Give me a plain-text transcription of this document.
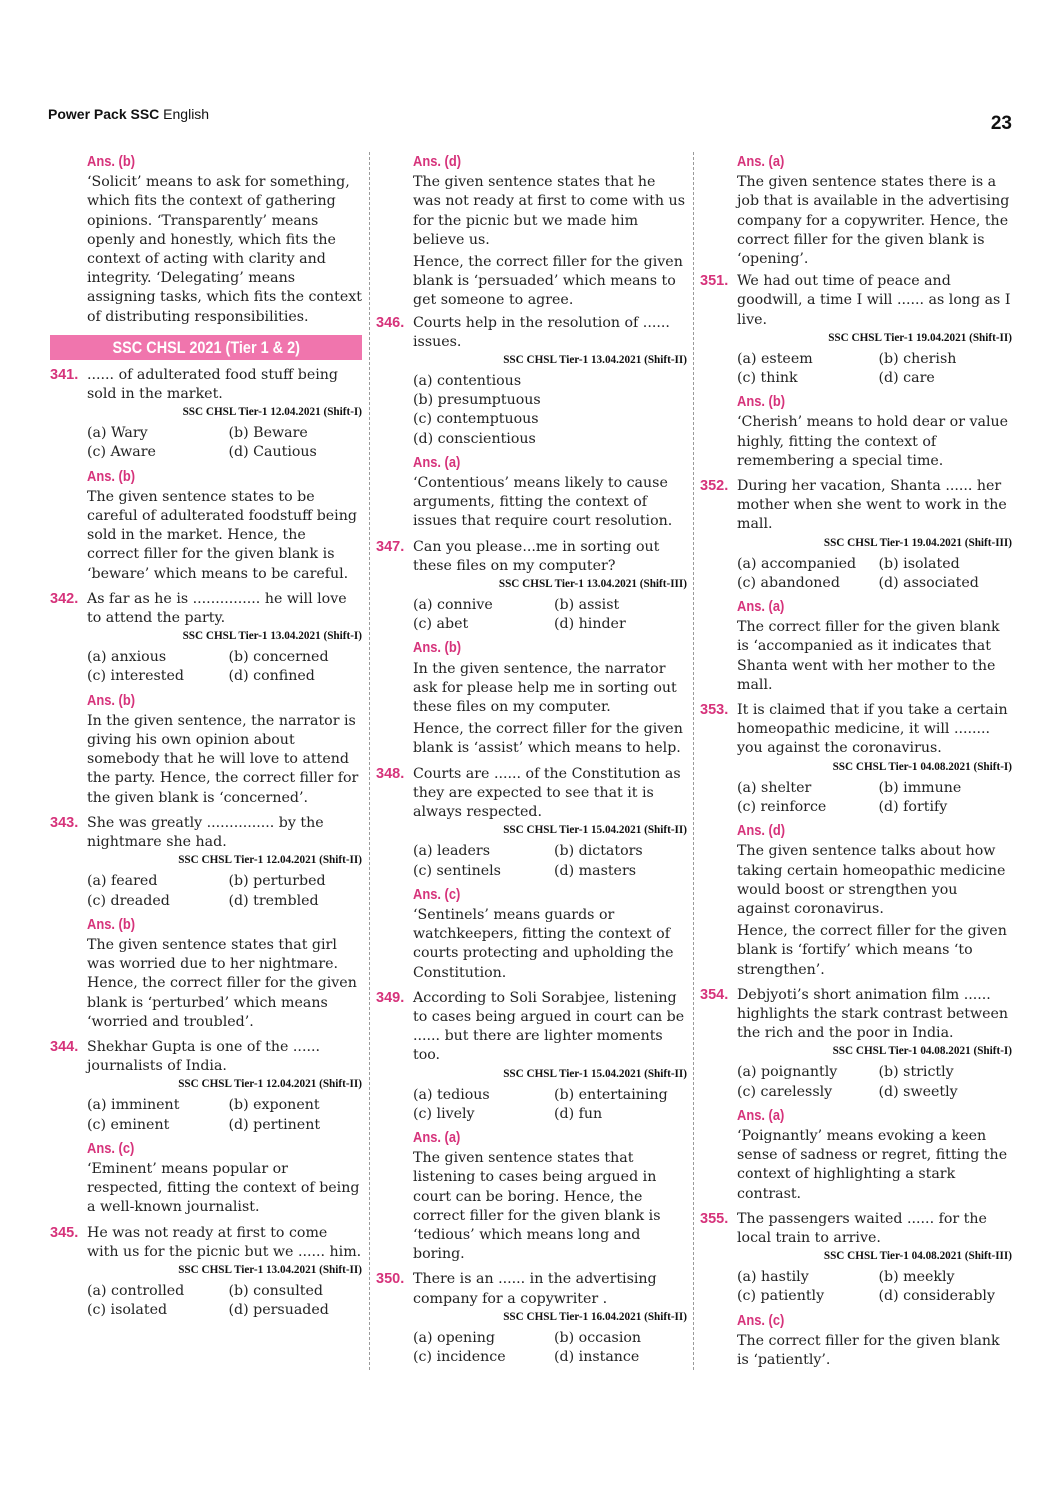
Power Pack SSC English	23
Ans. (b)

‘Solicit’ means to ask for something, which fits the context of gathering opinions. ‘Transparently’ means openly and honestly, which fits the context of acting with clarity and integrity. ‘Delegating’ means assigning tasks, which fits the context of distributing responsibilities.

SSC CHSL 2021 (Tier 1 & 2)
341. ...... of adulterated food stuff being sold in the market.
SSC CHSL Tier-1 12.04.2021 (Shift-I)
(a) Wary	(b) Beware
(c) Aware	(d) Cautious
Ans. (b)

The given sentence states to be careful of adulterated foodstuff being sold in the market. Hence, the correct filler for the given blank is ‘beware’ which means to be careful.

342. As far as he is ............... he will love to attend the party.
SSC CHSL Tier-1 13.04.2021 (Shift-I)
(a) anxious	(b) concerned
(c) interested	(d) confined
Ans. (b)

In the given sentence, the narrator is giving his own opinion about somebody that he will love to attend the party. Hence, the correct filler for the given blank is ‘concerned’.

343. She was greatly ............... by the nightmare she had.
SSC CHSL Tier-1 12.04.2021 (Shift-II)
(a) feared	(b) perturbed
(c) dreaded	(d) trembled
Ans. (b)

The given sentence states that girl was worried due to her nightmare. Hence, the correct filler for the given blank is ‘perturbed’ which means ‘worried and troubled’.

344. Shekhar Gupta is one of the ...... journalists of India.
SSC CHSL Tier-1 12.04.2021 (Shift-II)
(a) imminent	(b) exponent
(c) eminent	(d) pertinent
Ans. (c)

‘Eminent’ means popular or respected, fitting the context of being a well-known journalist.

345. He was not ready at first to come with us for the picnic but we ...... him.
SSC CHSL Tier-1 13.04.2021 (Shift-II)
(a) controlled	(b) consulted
(c) isolated	(d) persuaded
Ans. (d)

The given sentence states that he was not ready at first to come with us for the picnic but we made him believe us.

Hence, the correct filler for the given blank is ‘persuaded’ which means to get someone to agree.

346. Courts help in the resolution of ...... issues.
SSC CHSL Tier-1 13.04.2021 (Shift-II)
(a) contentious
(b) presumptuous
(c) contemptuous
(d) conscientious
Ans. (a)

‘Contentious’ means likely to cause arguments, fitting the context of issues that require court resolution.

347. Can you please...me in sorting out these files on my computer?
SSC CHSL Tier-1 13.04.2021 (Shift-III)
(a) connive	(b) assist
(c) abet	(d) hinder
Ans. (b)

In the given sentence, the narrator ask for please help me in sorting out these files on my computer.

Hence, the correct filler for the given blank is ‘assist’ which means to help.

348. Courts are ...... of the Constitution as they are expected to see that it is always respected.
SSC CHSL Tier-1 15.04.2021 (Shift-II)
(a) leaders	(b) dictators
(c) sentinels	(d) masters
Ans. (c)

‘Sentinels’ means guards or watchkeepers, fitting the context of courts protecting and upholding the Constitution.

349. According to Soli Sorabjee, listening to cases being argued in court can be ...... but there are lighter moments too.
SSC CHSL Tier-1 15.04.2021 (Shift-II)
(a) tedious	(b) entertaining
(c) lively	(d) fun
Ans. (a)

The given sentence states that listening to cases being argued in court can be boring. Hence, the correct filler for the given blank is ‘tedious’ which means long and boring.

350. There is an ...... in the advertising company for a copywriter .
SSC CHSL Tier-1 16.04.2021 (Shift-II)
(a) opening	(b) occasion
(c) incidence	(d) instance
Ans. (a)

The given sentence states there is a job that is available in the advertising company for a copywriter. Hence, the correct filler for the given blank is ‘opening’.

351. We had out time of peace and goodwill, a time I will ...... as long as I live.
SSC CHSL Tier-1 19.04.2021 (Shift-II)
(a) esteem	(b) cherish
(c) think	(d) care
Ans. (b)

‘Cherish’ means to hold dear or value highly, fitting the context of remembering a special time.

352. During her vacation, Shanta ...... her mother when she went to work in the mall.
SSC CHSL Tier-1 19.04.2021 (Shift-III)
(a) accompanied	(b) isolated
(c) abandoned	(d) associated
Ans. (a)

The correct filler for the given blank is ‘accompanied as it indicates that Shanta went with her mother to the mall.

353. It is claimed that if you take a certain homeopathic medicine, it will ........ you against the coronavirus.
SSC CHSL Tier-1 04.08.2021 (Shift-I)
(a) shelter	(b) immune
(c) reinforce	(d) fortify
Ans. (d)

The given sentence talks about how taking certain homeopathic medicine would boost or strengthen you against coronavirus.

Hence, the correct filler for the given blank is ‘fortify’ which means ‘to strengthen’.

354. Debjyoti’s short animation film ...... highlights the stark contrast between the rich and the poor in India.
SSC CHSL Tier-1 04.08.2021 (Shift-I)
(a) poignantly	(b) strictly
(c) carelessly	(d) sweetly
Ans. (a)

‘Poignantly’ means evoking a keen sense of sadness or regret, fitting the context of highlighting a stark contrast.

355. The passengers waited ...... for the local train to arrive.
SSC CHSL Tier-1 04.08.2021 (Shift-III)
(a) hastily	(b) meekly
(c) patiently	(d) considerably
Ans. (c)

The correct filler for the given blank is ‘patiently’.
